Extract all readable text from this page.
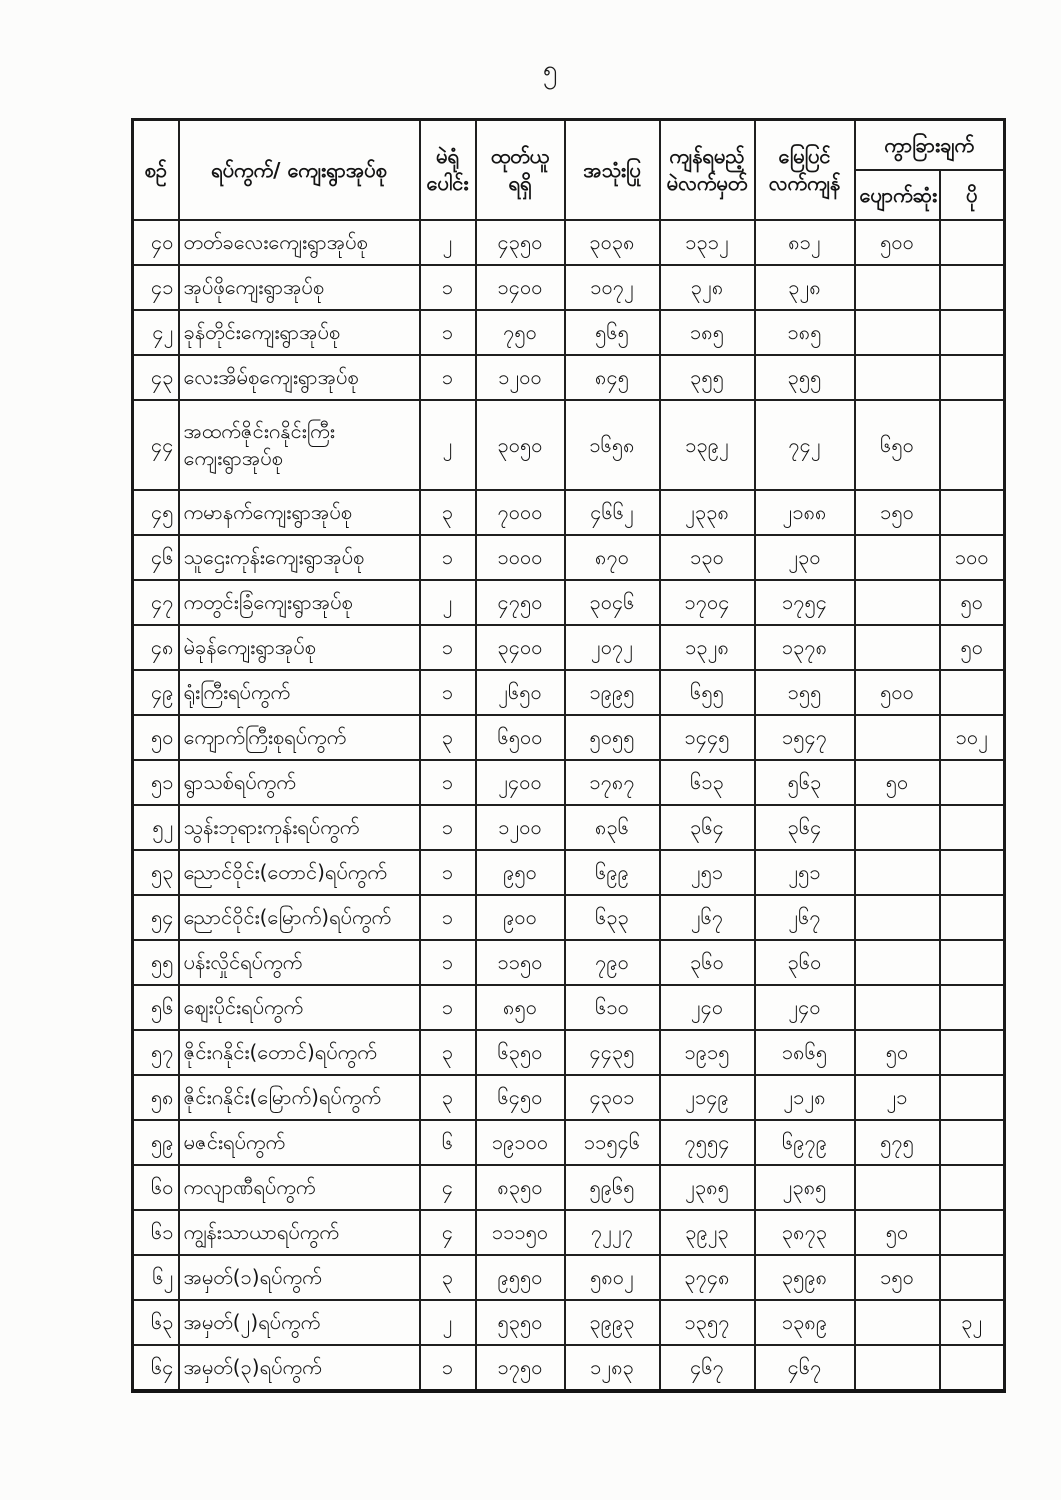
၅
စဉ်	ရပ်ကွက်/ ကျေးရွာအုပ်စု	မဲရုံ
ပေါင်း	ထုတ်ယူ
ရရှိ	အသုံးပြု	ကျန်ရမည့်
မဲလက်မှတ်	မြေပြင်
လက်ကျန်	ကွာခြားချက်	
							ပျောက်ဆုံး	ပို
၄၀	တတ်ခလေးကျေးရွာအုပ်စု	၂	၄၃၅၀	၃၀၃၈	၁၃၁၂	၈၁၂	၅၀၀	
၄၁	အုပ်ဖိုကျေးရွာအုပ်စု	၁	၁၄၀၀	၁၀၇၂	၃၂၈	၃၂၈		
၄၂	ခုန်တိုင်းကျေးရွာအုပ်စု	၁	၇၅၀	၅၆၅	၁၈၅	၁၈၅		
၄၃	လေးအိမ်စုကျေးရွာအုပ်စု	၁	၁၂၀၀	၈၄၅	၃၅၅	၃၅၅		
၄၄	အထက်ဇိုင်းဂနိုင်းကြီး
ကျေးရွာအုပ်စု	၂	၃၀၅၀	၁၆၅၈	၁၃၉၂	၇၄၂	၆၅၀	
၄၅	ကမာနက်ကျေးရွာအုပ်စု	၃	၇၀၀၀	၄၆၆၂	၂၃၃၈	၂၁၈၈	၁၅၀	
၄၆	သူဌေးကုန်းကျေးရွာအုပ်စု	၁	၁၀၀၀	၈၇၀	၁၃၀	၂၃၀		၁၀၀
၄၇	ကတွင်းခြံကျေးရွာအုပ်စု	၂	၄၇၅၀	၃၀၄၆	၁၇၀၄	၁၇၅၄		၅၀
၄၈	မဲခုန်ကျေးရွာအုပ်စု	၁	၃၄၀၀	၂၀၇၂	၁၃၂၈	၁၃၇၈		၅၀
၄၉	ရုံးကြီးရပ်ကွက်	၁	၂၆၅၀	၁၉၉၅	၆၅၅	၁၅၅	၅၀၀	
၅၀	ကျောက်ကြီးစုရပ်ကွက်	၃	၆၅၀၀	၅၀၅၅	၁၄၄၅	၁၅၄၇		၁၀၂
၅၁	ရွာသစ်ရပ်ကွက်	၁	၂၄၀၀	၁၇၈၇	၆၁၃	၅၆၃	၅၀	
၅၂	သွန်းဘုရားကုန်းရပ်ကွက်	၁	၁၂၀၀	၈၃၆	၃၆၄	၃၆၄		
၅၃	ညောင်ဝိုင်း(တောင်)ရပ်ကွက်	၁	၉၅၀	၆၉၉	၂၅၁	၂၅၁		
၅၄	ညောင်ဝိုင်း(မြောက်)ရပ်ကွက်	၁	၉၀၀	၆၃၃	၂၆၇	၂၆၇		
၅၅	ပန်းလှိုင်ရပ်ကွက်	၁	၁၁၅၀	၇၉၀	၃၆၀	၃၆၀		
၅၆	ဈေးပိုင်းရပ်ကွက်	၁	၈၅၀	၆၁၀	၂၄၀	၂၄၀		
၅၇	ဇိုင်းဂနိုင်း(တောင်)ရပ်ကွက်	၃	၆၃၅၀	၄၄၃၅	၁၉၁၅	၁၈၆၅	၅၀	
၅၈	ဇိုင်းဂနိုင်း(မြောက်)ရပ်ကွက်	၃	၆၄၅၀	၄၃၀၁	၂၁၄၉	၂၁၂၈	၂၁	
၅၉	မဇင်းရပ်ကွက်	၆	၁၉၁၀၀	၁၁၅၄၆	၇၅၅၄	၆၉၇၉	၅၇၅	
၆၀	ကလျာဏီရပ်ကွက်	၄	၈၃၅၀	၅၉၆၅	၂၃၈၅	၂၃၈၅		
၆၁	ကျွန်းသာယာရပ်ကွက်	၄	၁၁၁၅၀	၇၂၂၇	၃၉၂၃	၃၈၇၃	၅၀	
၆၂	အမှတ်(၁)ရပ်ကွက်	၃	၉၅၅၀	၅၈၀၂	၃၇၄၈	၃၅၉၈	၁၅၀	
၆၃	အမှတ်(၂)ရပ်ကွက်	၂	၅၃၅၀	၃၉၉၃	၁၃၅၇	၁၃၈၉		၃၂
၆၄	အမှတ်(၃)ရပ်ကွက်	၁	၁၇၅၀	၁၂၈၃	၄၆၇	၄၆၇		
